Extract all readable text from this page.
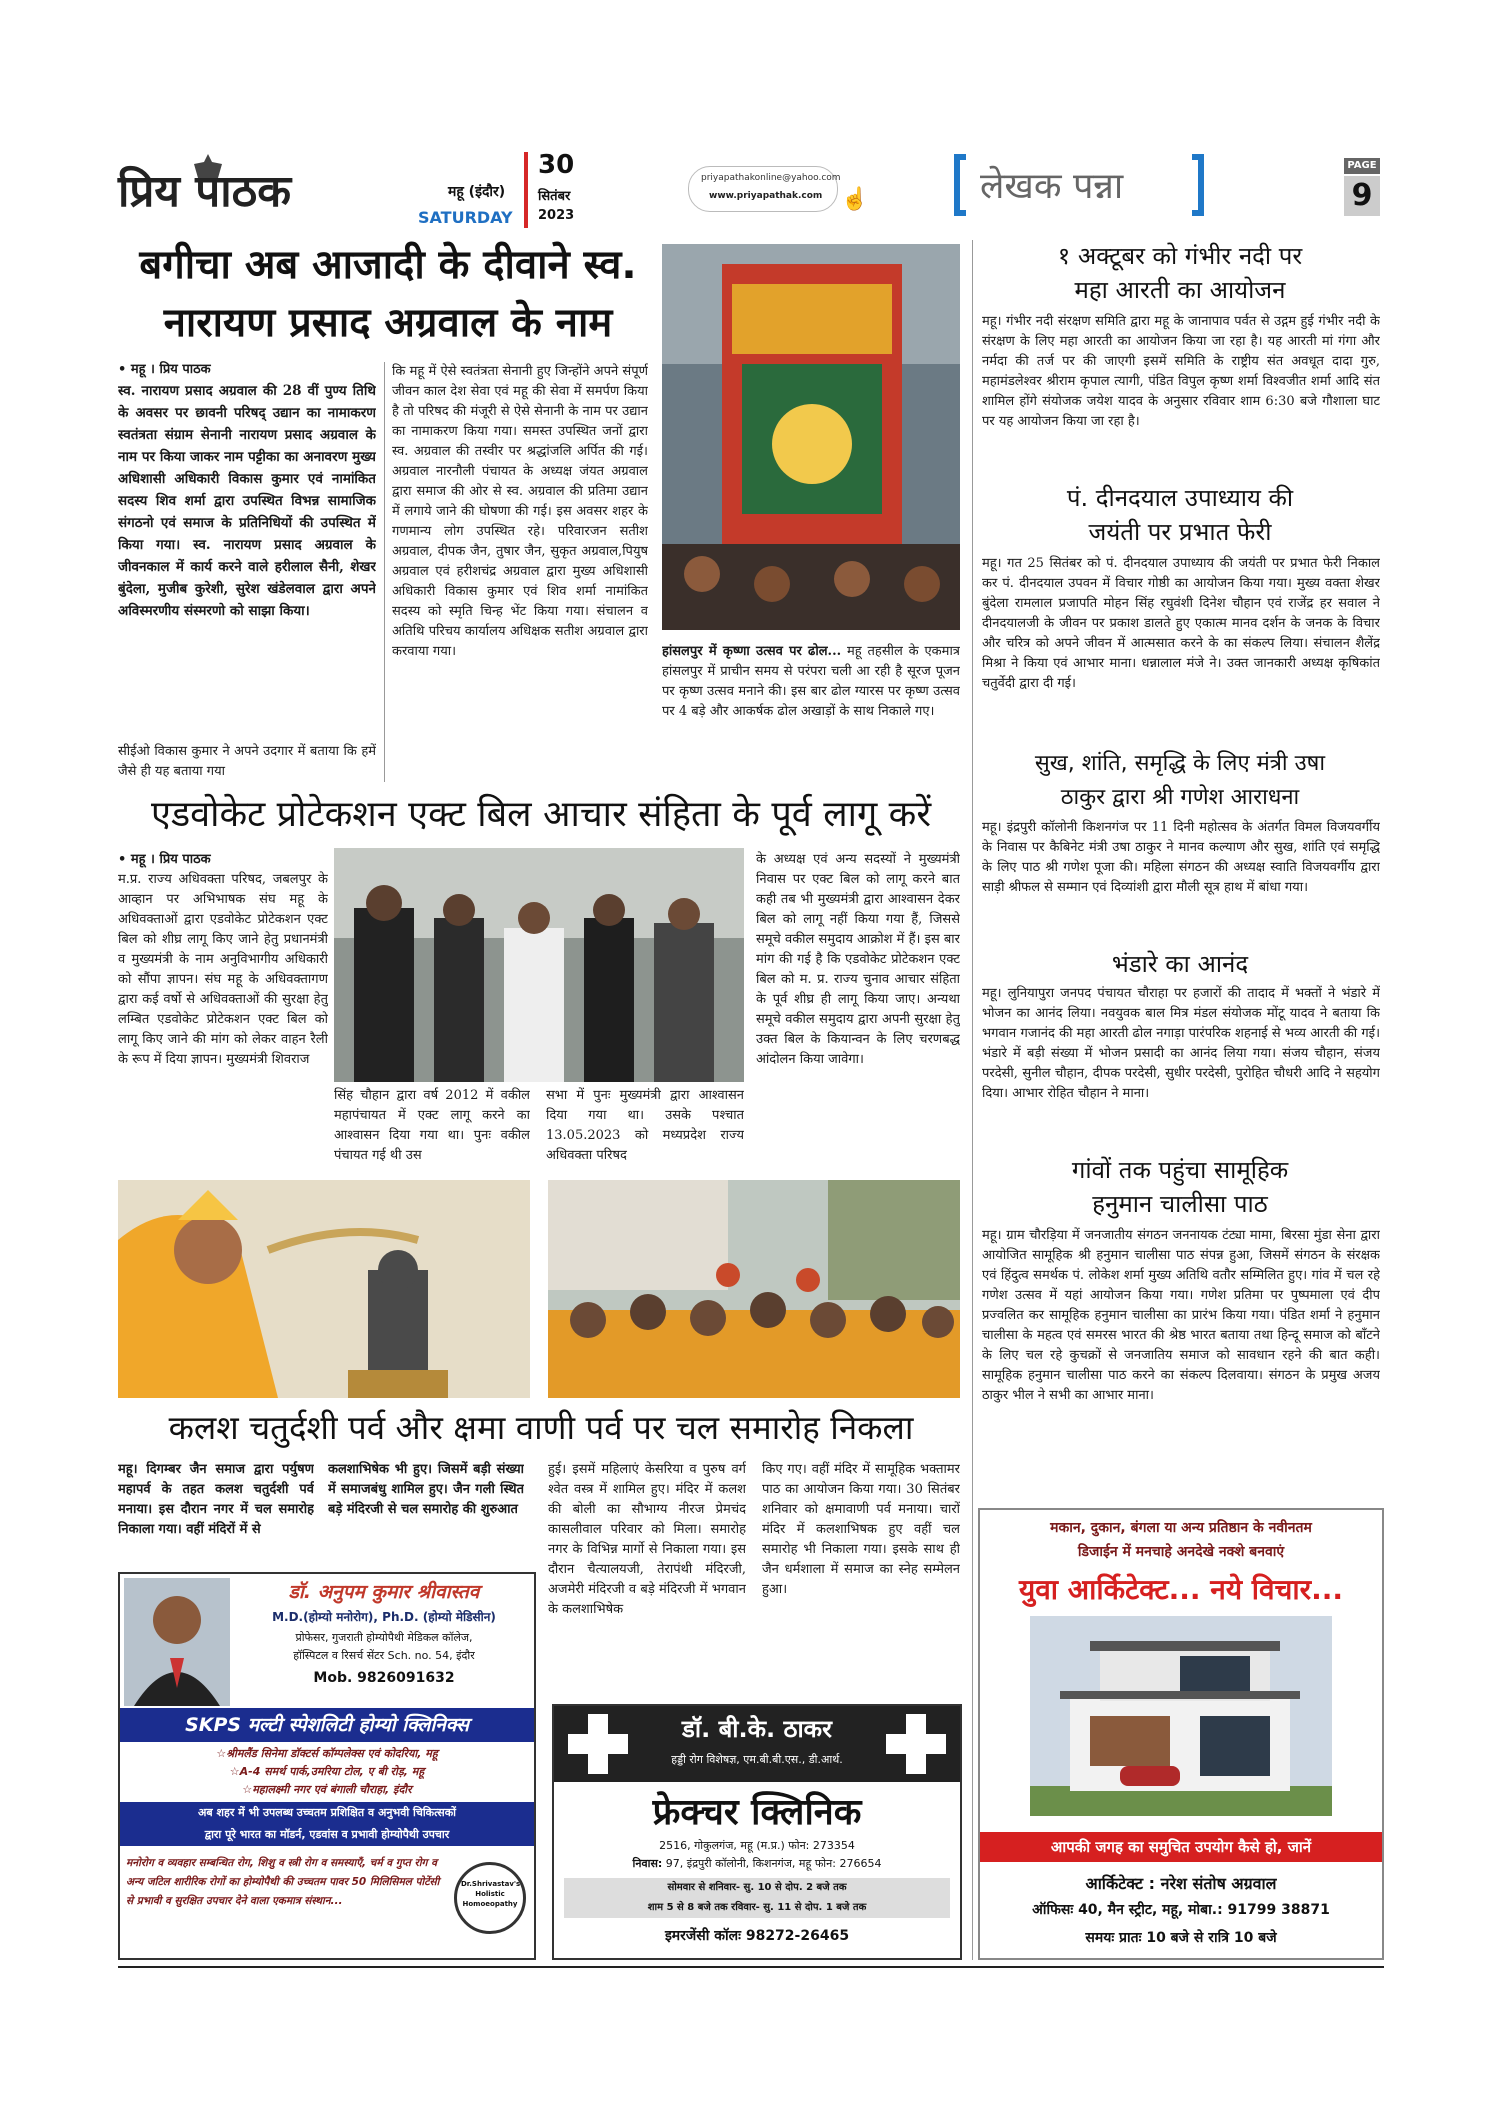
प्रिय पाठक	महू (इंदौर)
SATURDAY
30
सितंबर
2023
priyapathakonline@yahoo.com
www.priyapathak.com ☝	लेखक पन्ना
PAGE
9
बगीचा अब आजादी के दीवाने स्व.
नारायण प्रसाद अग्रवाल के नाम
• महू । प्रिय पाठक
स्व. नारायण प्रसाद अग्रवाल की 28 वीं पुण्य तिथि के अवसर पर छावनी परिषद् उद्यान का नामाकरण स्वतंत्रता संग्राम सेनानी नारायण प्रसाद अग्रवाल के नाम पर किया जाकर नाम पट्टीका का अनावरण मुख्य अधिशासी अधिकारी विकास कुमार एवं नामांकित सदस्य शिव शर्मा द्वारा उपस्थित विभन्न सामाजिक संगठनो एवं समाज के प्रतिनिधियों की उपस्थित में किया गया। स्व. नारायण प्रसाद अग्रवाल के जीवनकाल में कार्य करने वाले हरीलाल सैनी, शेखर बुंदेला, मुजीब कुरेशी, सुरेश खंडेलवाल द्वारा अपने अविस्मरणीय संस्मरणो को साझा किया।
सीईओ विकास कुमार ने अपने उदगार में बताया कि हमें जैसे ही यह बताया गया
कि महू में ऐसे स्वतंत्रता सेनानी हुए जिन्होंने अपने संपूर्ण जीवन काल देश सेवा एवं महू की सेवा में समर्पण किया है तो परिषद की मंजूरी से ऐसे सेनानी के नाम पर उद्यान का नामाकरण किया गया। समस्त उपस्थित जनों द्वारा स्व. अग्रवाल की तस्वीर पर श्रद्धांजलि अर्पित की गई। अग्रवाल नारनौली पंचायत के अध्यक्ष जंयत अग्रवाल द्वारा समाज की ओर से स्व. अग्रवाल की प्रतिमा उद्यान में लगाये जाने की घोषणा की गई। इस अवसर शहर के गणमान्य लोग उपस्थित रहे। परिवारजन सतीश अग्रवाल, दीपक जैन, तुषार जैन, सुकृत अग्रवाल,पियुष अग्रवाल एवं हरीशचंद्र अग्रवाल द्वारा मुख्य अधिशासी अधिकारी विकास कुमार एवं शिव शर्मा नामांकित सदस्य को स्मृति चिन्ह भेंट किया गया। संचालन व अतिथि परिचय कार्यालय अधिक्षक सतीश अग्रवाल द्वारा करवाया गया।	हांसलपुर में कृष्णा उत्सव पर ढोल... महू तहसील के एकमात्र हांसलपुर में प्राचीन समय से परंपरा चली आ रही है सूरज पूजन पर कृष्ण उत्सव मनाने की। इस बार ढोल ग्यारस पर कृष्ण उत्सव पर 4 बड़े और आकर्षक ढोल अखाड़ों के साथ निकाले गए।
एडवोकेट प्रोटेकशन एक्ट बिल आचार संहिता के पूर्व लागू करें
• महू । प्रिय पाठक
म.प्र. राज्य अधिवक्ता परिषद, जबलपुर के आव्हान पर अभिभाषक संघ महू के अधिवक्ताओं द्वारा एडवोकेट प्रोटेकशन एक्ट बिल को शीघ्र लागू किए जाने हेतु प्रधानमंत्री व मुख्यमंत्री के नाम अनुविभागीय अधिकारी को सौंपा ज्ञापन। संघ महू के अधिवक्तागण द्वारा कई वर्षो से अधिवक्ताओं की सुरक्षा हेतु लम्बित एडवोकेट प्रोटेकशन एक्ट बिल को लागू किए जाने की मांग को लेकर वाहन रैली के रूप में दिया ज्ञापन। मुख्यमंत्री शिवराज
सिंह चौहान द्वारा वर्ष 2012 में वकील महापंचायत में एक्ट लागू करने का आश्वासन दिया गया था। पुनः वकील पंचायत गई थी उस
सभा में पुनः मुख्यमंत्री द्वारा आश्वासन दिया गया था। उसके पश्चात 13.05.2023 को मध्यप्रदेश राज्य अधिवक्ता परिषद
के अध्यक्ष एवं अन्य सदस्यों ने मुख्यमंत्री निवास पर एक्ट बिल को लागू करने बात कही तब भी मुख्यमंत्री द्वारा आश्वासन देकर बिल को लागू नहीं किया गया हैं, जिससे समूचे वकील समुदाय आक्रोश में हैं। इस बार मांग की गई है कि एडवोकेट प्रोटेकशन एक्ट बिल को म. प्र. राज्य चुनाव आचार संहिता के पूर्व शीघ्र ही लागू किया जाए। अन्यथा समूचे वकील समुदाय द्वारा अपनी सुरक्षा हेतु उक्त बिल के कियान्वन के लिए चरणबद्ध आंदोलन किया जावेगा।
कलश चतुर्दशी पर्व और क्षमा वाणी पर्व पर चल समारोह निकला
महू। दिगम्बर जैन समाज द्वारा पर्युषण महापर्व के तहत कलश चतुर्दशी पर्व मनाया। इस दौरान नगर में चल समारोह निकाला गया। वहीं मंदिरों में से
कलशाभिषेक भी हुए। जिसमें बड़ी संख्या में समाजबंधु शामिल हुए। जैन गली स्थित बड़े मंदिरजी से चल समारोह की शुरुआत
हुई। इसमें महिलाएं केसरिया व पुरुष वर्ग श्वेत वस्त्र में शामिल हुए। मंदिर में कलश की बोली का सौभाग्य नीरज प्रेमचंद कासलीवाल परिवार को मिला। समारोह नगर के विभिन्न मार्गो से निकाला गया। इस दौरान चैत्यालयजी, तेरापंथी मंदिरजी, अजमेरी मंदिरजी व बड़े मंदिरजी में भगवान के कलशाभिषेक
किए गए। वहीं मंदिर में सामूहिक भक्तामर पाठ का आयोजन किया गया। 30 सितंबर शनिवार को क्षमावाणी पर्व मनाया। चारों मंदिर में कलशाभिषक हुए वहीं चल समारोह भी निकाला गया। इसके साथ ही जैन धर्मशाला में समाज का स्नेह सम्मेलन हुआ।
डॉ. अनुपम कुमार श्रीवास्तव
M.D.(होम्यो मनोरोग), Ph.D. (होम्यो मेडिसीन)
प्रोफेसर, गुजराती होम्योपैथी मेडिकल कॉलेज,
हॉस्पिटल व रिसर्च सेंटर Sch. no. 54, इंदौर
Mob. 9826091632
SKPS मल्टी स्पेशलिटी होम्यो क्लिनिक्स
☆श्रीमलैंड सिनेमा डॉक्टर्स कॉम्पलेक्स एवं कोदरिया, महू
☆A-4 समर्थ पार्क,उमरिया टोल, ए बी रोड़, महू
☆महालक्ष्मी नगर एवं बंगाली चौराहा, इंदौर
अब शहर में भी उपलब्ध उच्चतम प्रशिक्षित व अनुभवी चिकित्सकों
द्वारा पूरे भारत का मॉडर्न, एडवांस व प्रभावी होम्योपैथी उपचार
मनोरोग व व्यवहार सम्बन्धित रोग, शिशु व स्त्री रोग व समस्याएँ, चर्म व गुप्त रोग व अन्य जटिल शारीरिक रोगों का होम्योपैथी की उच्चतम पावर 50 मिलिसिमल पोटेंसी से प्रभावी व सुरक्षित उपचार देने वाला एकमात्र संस्थान...
Dr.Shrivastav's Holistic Homoeopathy
डॉ. बी.के. ठाकर
हड्डी रोग विशेषज्ञ, एम.बी.बी.एस., डी.आर्थ.
फ्रेक्चर क्लिनिक
2516, गोकुलगंज, महू (म.प्र.) फोन: 273354
निवास: 97, इंद्रपुरी कॉलोनी, किशनगंज, महू फोन: 276654
सोमवार से शनिवार- सु. 10 से दोप. 2 बजे तक
शाम 5 से 8 बजे तक रविवार- सु. 11 से दोप. 1 बजे तक
इमरजेंसी कॉलः 98272-26465
१ अक्टूबर को गंभीर नदी पर
महा आरती का आयोजन
महू। गंभीर नदी संरक्षण समिति द्वारा महू के जानापाव पर्वत से उद्गम हुई गंभीर नदी के संरक्षण के लिए महा आरती का आयोजन किया जा रहा है। यह आरती मां गंगा और नर्मदा की तर्ज पर की जाएगी इसमें समिति के राष्ट्रीय संत अवधूत दादा गुरु, महामंडलेश्वर श्रीराम कृपाल त्यागी, पंडित विपुल कृष्ण शर्मा विश्वजीत शर्मा आदि संत शामिल होंगे संयोजक जयेश यादव के अनुसार रविवार शाम 6:30 बजे गौशाला घाट पर यह आयोजन किया जा रहा है।
पं. दीनदयाल उपाध्याय की
जयंती पर प्रभात फेरी
महू। गत 25 सितंबर को पं. दीनदयाल उपाध्याय की जयंती पर प्रभात फेरी निकाल कर पं. दीनदयाल उपवन में विचार गोष्ठी का आयोजन किया गया। मुख्य वक्ता शेखर बुंदेला रामलाल प्रजापति मोहन सिंह रघुवंशी दिनेश चौहान एवं राजेंद्र हर सवाल ने दीनदयालजी के जीवन पर प्रकाश डालते हुए एकात्म मानव दर्शन के जनक के विचार और चरित्र को अपने जीवन में आत्मसात करने के का संकल्प लिया। संचालन शैलेंद्र मिश्रा ने किया एवं आभार माना। धन्नालाल मंजे ने। उक्त जानकारी अध्यक्ष कृषिकांत चतुर्वेदी द्वारा दी गई।
सुख, शांति, समृद्धि के लिए मंत्री उषा
ठाकुर द्वारा श्री गणेश आराधना
महू। इंद्रपुरी कॉलोनी किशनगंज पर 11 दिनी महोत्सव के अंतर्गत विमल विजयवर्गीय के निवास पर कैबिनेट मंत्री उषा ठाकुर ने मानव कल्याण और सुख, शांति एवं समृद्धि के लिए पाठ श्री गणेश पूजा की। महिला संगठन की अध्यक्ष स्वाति विजयवर्गीय द्वारा साड़ी श्रीफल से सम्मान एवं दिव्यांशी द्वारा मौली सूत्र हाथ में बांधा गया।
भंडारे का आनंद
महू। लुनियापुरा जनपद पंचायत चौराहा पर हजारों की तादाद में भक्तों ने भंडारे में भोजन का आनंद लिया। नवयुवक बाल मित्र मंडल संयोजक मोंटू यादव ने बताया कि भगवान गजानंद की महा आरती ढोल नगाड़ा पारंपरिक शहनाई से भव्य आरती की गई। भंडारे में बड़ी संख्या में भोजन प्रसादी का आनंद लिया गया। संजय चौहान, संजय परदेसी, सुनील चौहान, दीपक परदेसी, सुधीर परदेसी, पुरोहित चौधरी आदि ने सहयोग दिया। आभार रोहित चौहान ने माना।
गांवों तक पहुंचा सामूहिक
हनुमान चालीसा पाठ
महू। ग्राम चौरड़िया में जनजातीय संगठन जननायक टंट्या मामा, बिरसा मुंडा सेना द्वारा आयोजित सामूहिक श्री हनुमान चालीसा पाठ संपन्न हुआ, जिसमें संगठन के संरक्षक एवं हिंदुत्व समर्थक पं. लोकेश शर्मा मुख्य अतिथि वतौर सम्मिलित हुए। गांव में चल रहे गणेश उत्सव में यहां आयोजन किया गया। गणेश प्रतिमा पर पुष्पमाला एवं दीप प्रज्वलित कर सामूहिक हनुमान चालीसा का प्रारंभ किया गया। पंडित शर्मा ने हनुमान चालीसा के महत्व एवं समरस भारत की श्रेष्ठ भारत बताया तथा हिन्दू समाज को बाँटने के लिए चल रहे कुचक्रों से जनजातिय समाज को सावधान रहने की बात कही। सामूहिक हनुमान चालीसा पाठ करने का संकल्प दिलवाया। संगठन के प्रमुख अजय ठाकुर भील ने सभी का आभार माना।
मकान, दुकान, बंगला या अन्य प्रतिष्ठान के नवीनतम
डिजाईन में मनचाहे अनदेखे नक्शे बनवाएं
युवा आर्किटेक्ट... नये विचार...
आपकी जगह का समुचित उपयोग कैसे हो, जानें
आर्किटेक्ट : नरेश संतोष अग्रवाल
ऑफिसः 40, मैन स्ट्रीट, महू, मोबा.: 91799 38871
समयः प्रातः 10 बजे से रात्रि 10 बजे
